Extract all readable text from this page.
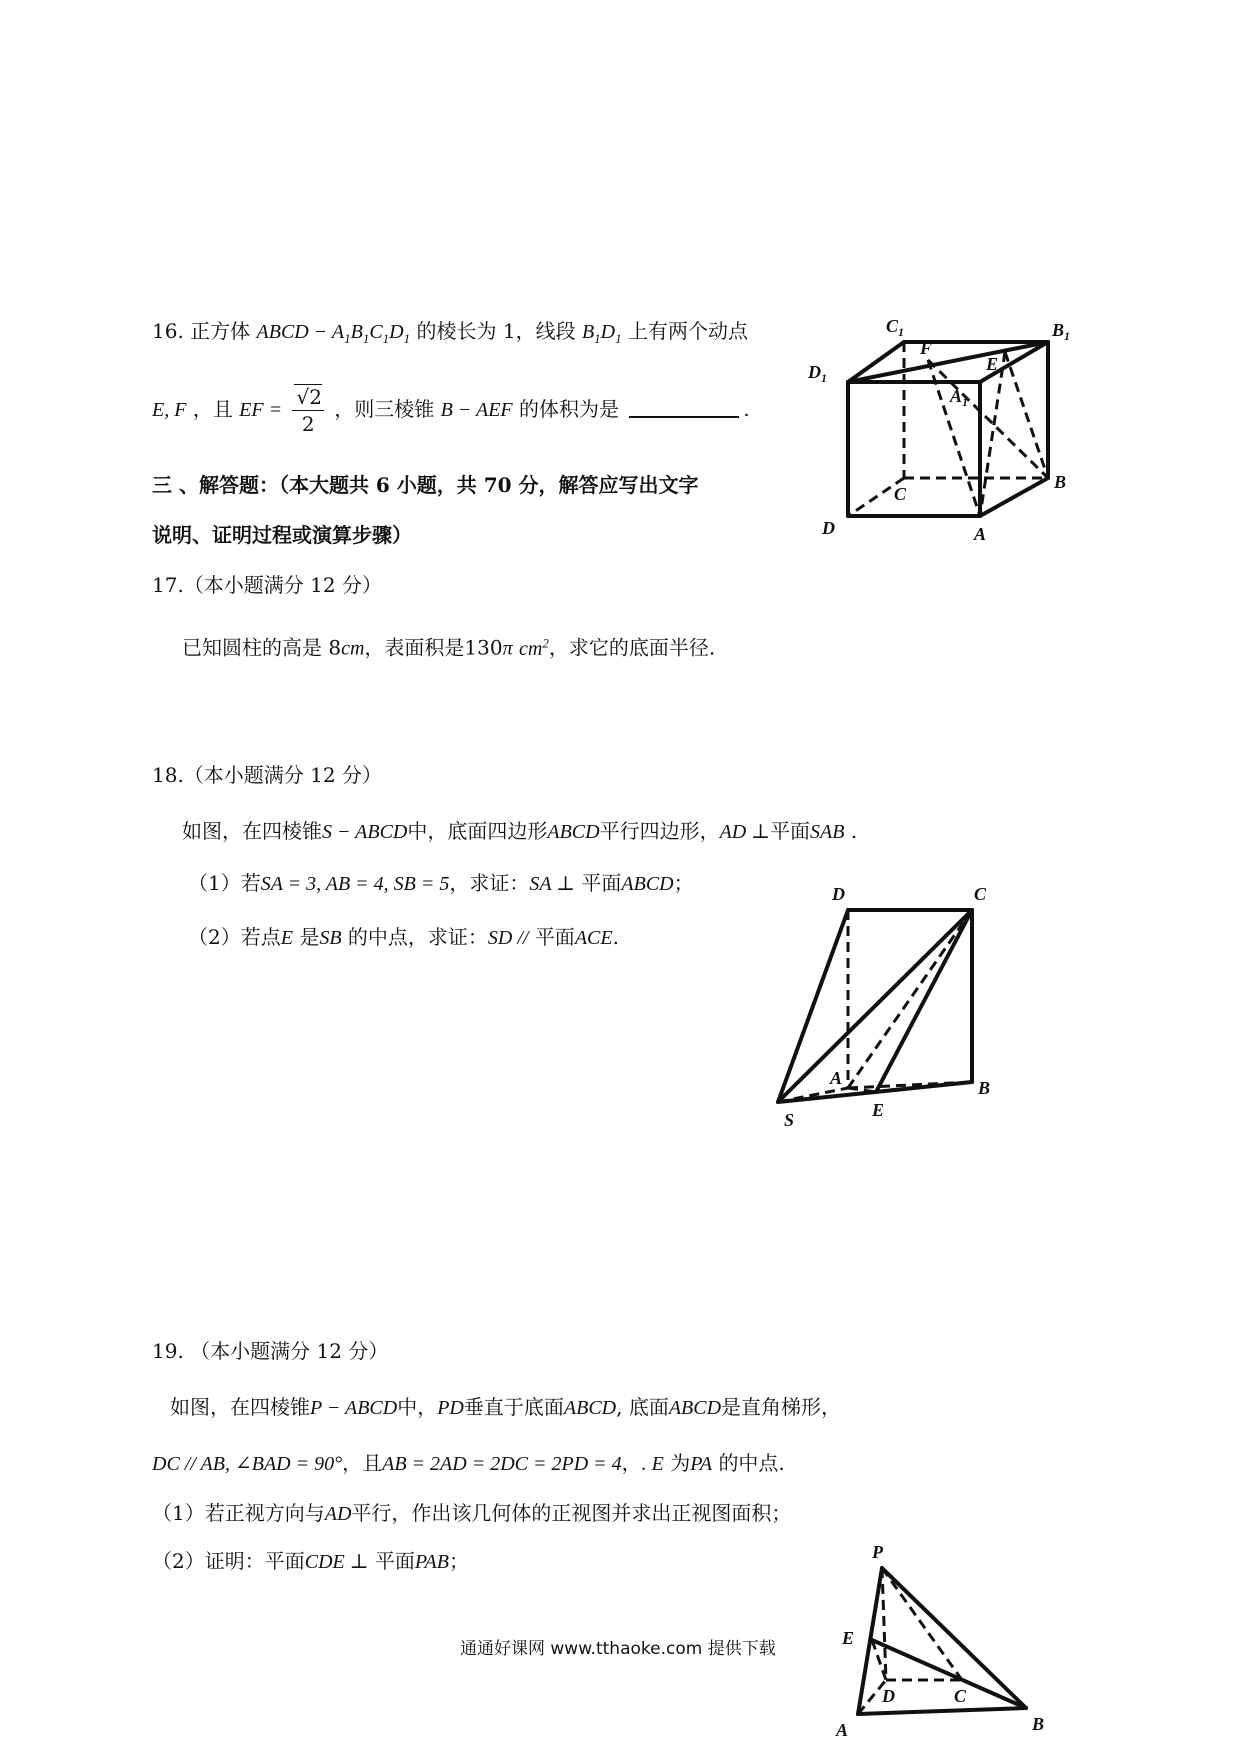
16. 正方体 ABCD − $A_1B_1C_1D_1$ 的棱长为 1，线段 $B_1D_1$ 上有两个动点
E, F ，且 EF = $\frac{√2}{2}$ ，则三棱锥 B − AEF 的体积为是	.
三 、解答题：（本大题共 6 小题，共 70 分，解答应写出文字
说明、证明过程或演算步骤）
17.（本小题满分 12 分）
已知圆柱的高是 8cm，表面积是130π $cm^2$，求它的底面半径.
18.（本小题满分 12 分）
如图，在四棱锥S − ABCD中，底面四边形ABCD平行四边形，AD ⊥平面SAB .
（1）若SA = 3, AB = 4, SB = 5，求证：SA ⊥ 平面ABCD；
（2）若点E 是SB 的中点，求证：SD // 平面ACE.
19. （本小题满分 12 分）
如图，在四棱锥P − ABCD中，PD垂直于底面ABCD, 底面ABCD是直角梯形，
DC // AB, ∠BAD = 90°，且AB = 2AD = 2DC = 2PD = 4，. E 为PA 的中点.
（1）若正视方向与AD平行，作出该几何体的正视图并求出正视图面积；
（2）证明：平面CDE ⊥ 平面PAB；
通通好课网 www.tthaoke.com 提供下载
$C_1$	$B_1$
$D_1$
F
E
$A_1$
C
B
D	A
D	C
A	B
S	E
P
E
D	C
A	B
